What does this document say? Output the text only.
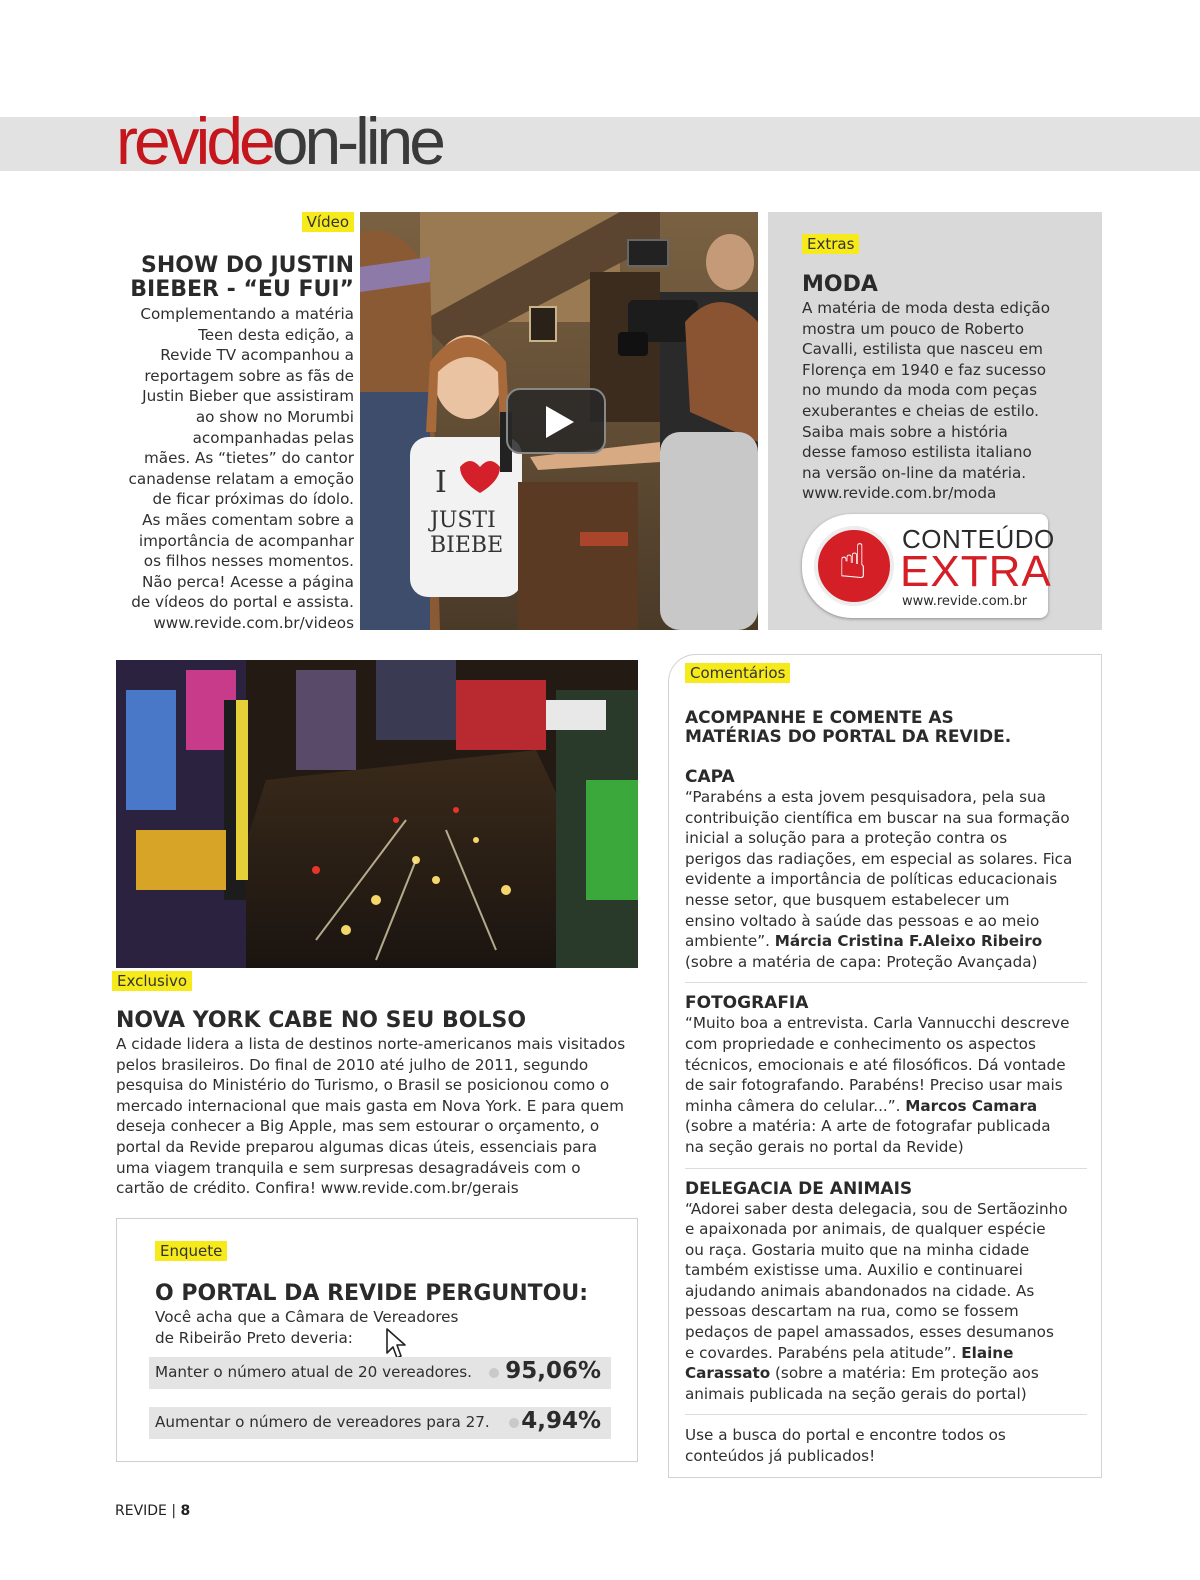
revideon-line
Vídeo
SHOW DO JUSTIN
BIEBER - “EU FUI”
Complementando a matéria
Teen desta edição, a
Revide TV acompanhou a
reportagem sobre as fãs de
Justin Bieber que assistiram
ao show no Morumbi
acompanhadas pelas
mães. As “tietes” do cantor
canadense relatam a emoção
de ficar próximas do ídolo.
As mães comentam sobre a
importância de acompanhar
os filhos nesses momentos.
Não perca! Acesse a página
de vídeos do portal e assista.
www.revide.com.br/videos
I
JUSTI
BIEBE
Extras
MODA
A matéria de moda desta edição
mostra um pouco de Roberto
Cavalli, estilista que nasceu em
Florença em 1940 e faz sucesso
no mundo da moda com peças
exuberantes e cheias de estilo.
Saiba mais sobre a história
desse famoso estilista italiano
na versão on-line da matéria.
www.revide.com.br/moda
☝ CONTEÚDO
EXTRA
www.revide.com.br
Exclusivo
NOVA YORK CABE NO SEU BOLSO
A cidade lidera a lista de destinos norte-americanos mais visitados
pelos brasileiros. Do final de 2010 até julho de 2011, segundo
pesquisa do Ministério do Turismo, o Brasil se posicionou como o
mercado internacional que mais gasta em Nova York. E para quem
deseja conhecer a Big Apple, mas sem estourar o orçamento, o
portal da Revide preparou algumas dicas úteis, essenciais para
uma viagem tranquila e sem surpresas desagradáveis com o
cartão de crédito. Confira! www.revide.com.br/gerais
Enquete
O PORTAL DA REVIDE PERGUNTOU:
Você acha que a Câmara de Vereadores
de Ribeirão Preto deveria:
Manter o número atual de 20 vereadores. 95,06%
Aumentar o número de vereadores para 27. 4,94%
Comentários
ACOMPANHE E COMENTE AS
MATÉRIAS DO PORTAL DA REVIDE.
CAPA
“Parabéns a esta jovem pesquisadora, pela sua
contribuição científica em buscar na sua formação
inicial a solução para a proteção contra os
perigos das radiações, em especial as solares. Fica
evidente a importância de políticas educacionais
nesse setor, que busquem estabelecer um
ensino voltado à saúde das pessoas e ao meio
ambiente”. Márcia Cristina F.Aleixo Ribeiro
(sobre a matéria de capa: Proteção Avançada)
FOTOGRAFIA
“Muito boa a entrevista. Carla Vannucchi descreve
com propriedade e conhecimento os aspectos
técnicos, emocionais e até filosóficos. Dá vontade
de sair fotografando. Parabéns! Preciso usar mais
minha câmera do celular...”. Marcos Camara
(sobre a matéria: A arte de fotografar publicada
na seção gerais no portal da Revide)
DELEGACIA DE ANIMAIS
“Adorei saber desta delegacia, sou de Sertãozinho
e apaixonada por animais, de qualquer espécie
ou raça. Gostaria muito que na minha cidade
também existisse uma. Auxilio e continuarei
ajudando animais abandonados na cidade. As
pessoas descartam na rua, como se fossem
pedaços de papel amassados, esses desumanos
e covardes. Parabéns pela atitude”. Elaine
Carassato (sobre a matéria: Em proteção aos
animais publicada na seção gerais do portal)
Use a busca do portal e encontre todos os
conteúdos já publicados!
REVIDE | 8
